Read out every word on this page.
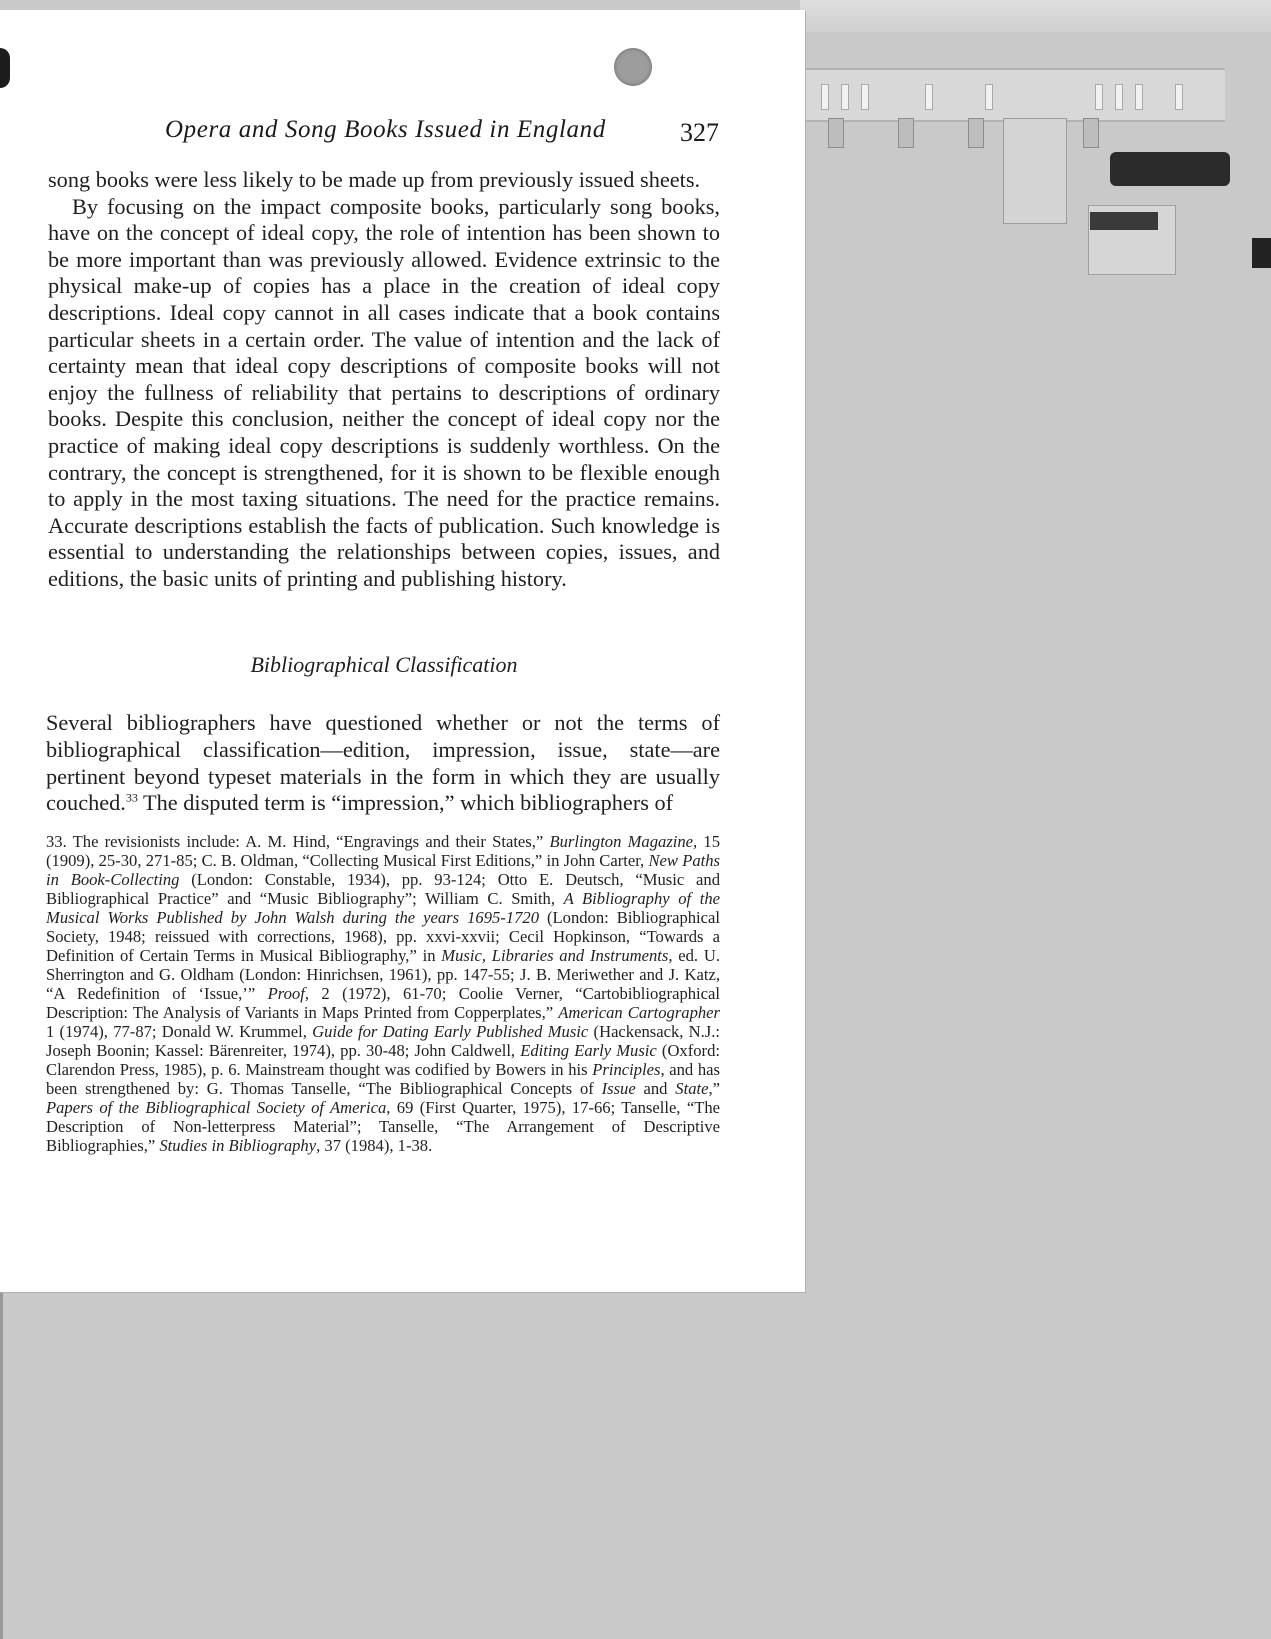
Opera and Song Books Issued in England	327

song books were less likely to be made up from previously issued sheets.

By focusing on the impact composite books, particularly song books, have on the concept of ideal copy, the role of intention has been shown to be more important than was previously allowed. Evidence extrinsic to the physical make-up of copies has a place in the creation of ideal copy descriptions. Ideal copy cannot in all cases indicate that a book contains particular sheets in a certain order. The value of intention and the lack of certainty mean that ideal copy descriptions of composite books will not enjoy the fullness of reliability that pertains to descriptions of ordinary books. Despite this conclusion, neither the concept of ideal copy nor the practice of making ideal copy descriptions is suddenly worthless. On the contrary, the concept is strengthened, for it is shown to be flexible enough to apply in the most taxing situations. The need for the practice remains. Accurate descriptions establish the facts of publication. Such knowledge is essential to understanding the relationships between copies, issues, and editions, the basic units of printing and publishing history.

Bibliographical Classification

Several bibliographers have questioned whether or not the terms of bibliographical classification—edition, impression, issue, state—are pertinent beyond typeset materials in the form in which they are usually couched.$^{33}$ The disputed term is “impression,” which bibliographers of

33. The revisionists include: A. M. Hind, “Engravings and their States,” Burlington Magazine, 15 (1909), 25-30, 271-85; C. B. Oldman, “Collecting Musical First Editions,” in John Carter, New Paths in Book-Collecting (London: Constable, 1934), pp. 93-124; Otto E. Deutsch, “Music and Bibliographical Practice” and “Music Bibliography”; William C. Smith, A Bibliography of the Musical Works Published by John Walsh during the years 1695-1720 (London: Bibliographical Society, 1948; reissued with corrections, 1968), pp. xxvi-xxvii; Cecil Hopkinson, “Towards a Definition of Certain Terms in Musical Bibliography,” in Music, Libraries and Instruments, ed. U. Sherrington and G. Oldham (London: Hinrichsen, 1961), pp. 147-55; J. B. Meriwether and J. Katz, “A Redefinition of ‘Issue,’” Proof, 2 (1972), 61-70; Coolie Verner, “Cartobibliographical Description: The Analysis of Variants in Maps Printed from Copperplates,” American Cartographer 1 (1974), 77-87; Donald W. Krummel, Guide for Dating Early Published Music (Hackensack, N.J.: Joseph Boonin; Kassel: Bärenreiter, 1974), pp. 30-48; John Caldwell, Editing Early Music (Oxford: Clarendon Press, 1985), p. 6. Mainstream thought was codified by Bowers in his Principles, and has been strengthened by: G. Thomas Tanselle, “The Bibliographical Concepts of Issue and State,” Papers of the Bibliographical Society of America, 69 (First Quarter, 1975), 17-66; Tanselle, “The Description of Non-letterpress Material”; Tanselle, “The Arrangement of Descriptive Bibliographies,” Studies in Bibliography, 37 (1984), 1-38.
